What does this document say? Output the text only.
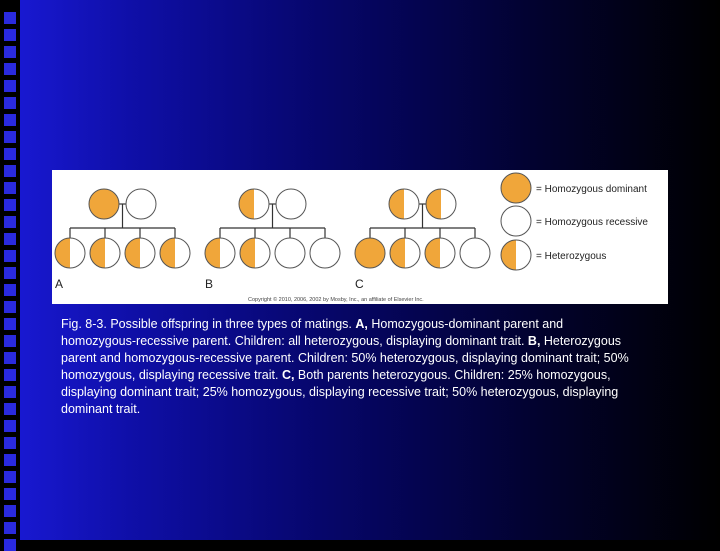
A	B	C
= Homozygous dominant
= Homozygous recessive
= Heterozygous
Copyright © 2010, 2006, 2002 by Mosby, Inc., an affiliate of Elsevier Inc.
Fig. 8-3. Possible offspring in three types of matings. A, Homozygous-dominant parent and homozygous-recessive parent. Children: all heterozygous, displaying dominant trait. B, Heterozygous parent and homozygous-recessive parent. Children: 50% heterozygous, displaying dominant trait; 50% homozygous, displaying recessive trait. C, Both parents heterozygous. Children: 25% homozygous, displaying dominant trait; 25% homozygous, displaying recessive trait; 50% heterozygous, displaying dominant trait.
